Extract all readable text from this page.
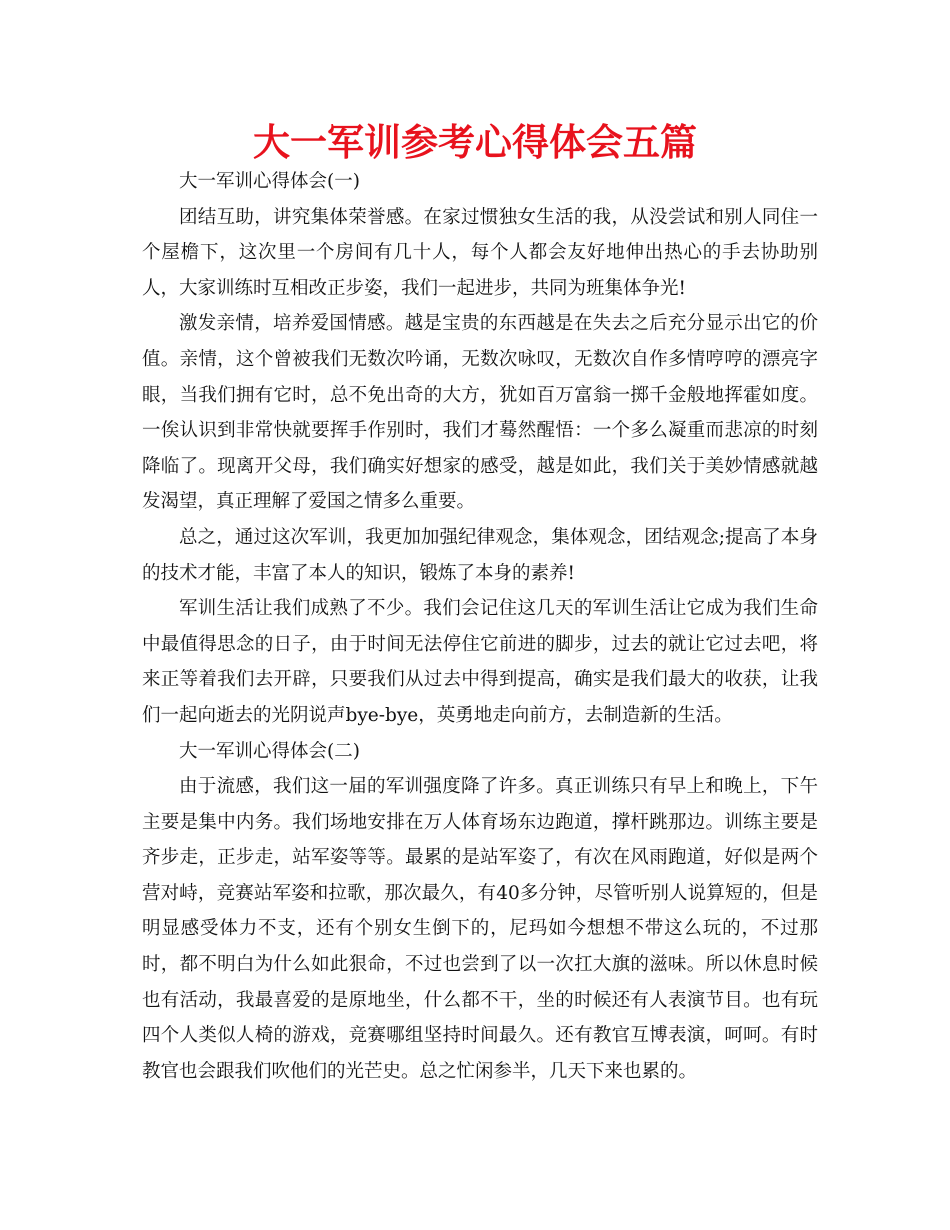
大一军训参考心得体会五篇

大一军训心得体会(一)

团结互助，讲究集体荣誉感。在家过惯独女生活的我，从没尝试和别人同住一个屋檐下，这次里一个房间有几十人，每个人都会友好地伸出热心的手去协助别人，大家训练时互相改正步姿，我们一起进步，共同为班集体争光!

激发亲情，培养爱国情感。越是宝贵的东西越是在失去之后充分显示出它的价值。亲情，这个曾被我们无数次吟诵，无数次咏叹，无数次自作多情哼哼的漂亮字眼，当我们拥有它时，总不免出奇的大方，犹如百万富翁一掷千金般地挥霍如度。一俟认识到非常快就要挥手作别时，我们才蓦然醒悟：一个多么凝重而悲凉的时刻降临了。现离开父母，我们确实好想家的感受，越是如此，我们关于美妙情感就越发渴望，真正理解了爱国之情多么重要。

总之，通过这次军训，我更加加强纪律观念，集体观念，团结观念;提高了本身的技术才能，丰富了本人的知识，锻炼了本身的素养!

军训生活让我们成熟了不少。我们会记住这几天的军训生活让它成为我们生命中最值得思念的日子，由于时间无法停住它前进的脚步，过去的就让它过去吧，将来正等着我们去开辟，只要我们从过去中得到提高，确实是我们最大的收获，让我们一起向逝去的光阴说声bye-bye，英勇地走向前方，去制造新的生活。

大一军训心得体会(二)

由于流感，我们这一届的军训强度降了许多。真正训练只有早上和晚上，下午主要是集中内务。我们场地安排在万人体育场东边跑道，撑杆跳那边。训练主要是齐步走，正步走，站军姿等等。最累的是站军姿了，有次在风雨跑道，好似是两个营对峙，竞赛站军姿和拉歌，那次最久，有40多分钟，尽管听别人说算短的，但是明显感受体力不支，还有个别女生倒下的，尼玛如今想想不带这么玩的，不过那时，都不明白为什么如此狠命，不过也尝到了以一次扛大旗的滋味。所以休息时候也有活动，我最喜爱的是原地坐，什么都不干，坐的时候还有人表演节目。也有玩四个人类似人椅的游戏，竞赛哪组坚持时间最久。还有教官互博表演，呵呵。有时教官也会跟我们吹他们的光芒史。总之忙闲参半，几天下来也累的。
